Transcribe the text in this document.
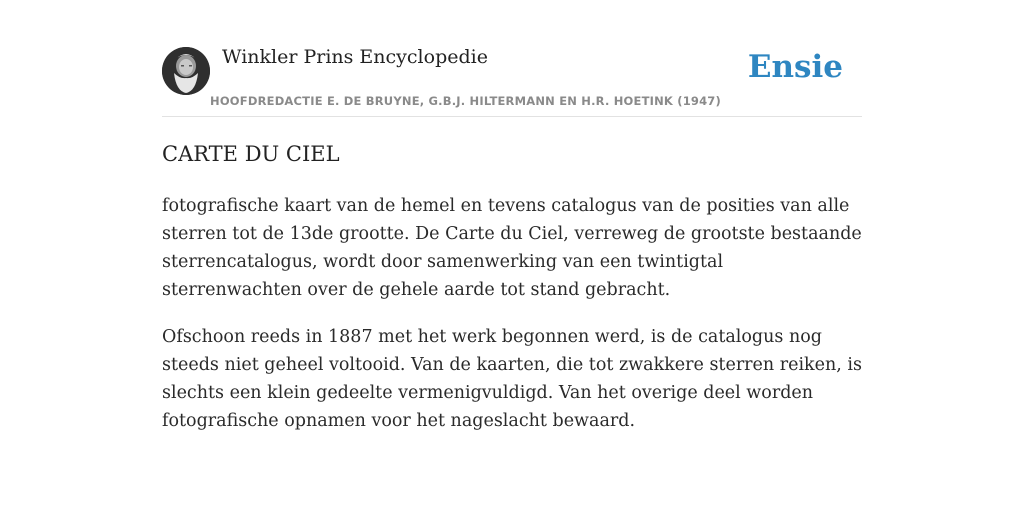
Winkler Prins Encyclopedie
HOOFDREDACTIE E. DE BRUYNE, G.B.J. HILTERMANN EN H.R. HOETINK (1947)
Ensie
CARTE DU CIEL

fotografische kaart van de hemel en tevens catalogus van de posities van alle sterren tot de 13de grootte. De Carte du Ciel, verreweg de grootste bestaande sterrencatalogus, wordt door samenwerking van een twintigtal sterrenwachten over de gehele aarde tot stand gebracht.

Ofschoon reeds in 1887 met het werk begonnen werd, is de catalogus nog steeds niet geheel voltooid. Van de kaarten, die tot zwakkere sterren reiken, is slechts een klein gedeelte vermenigvuldigd. Van het overige deel worden fotografische opnamen voor het nageslacht bewaard.
